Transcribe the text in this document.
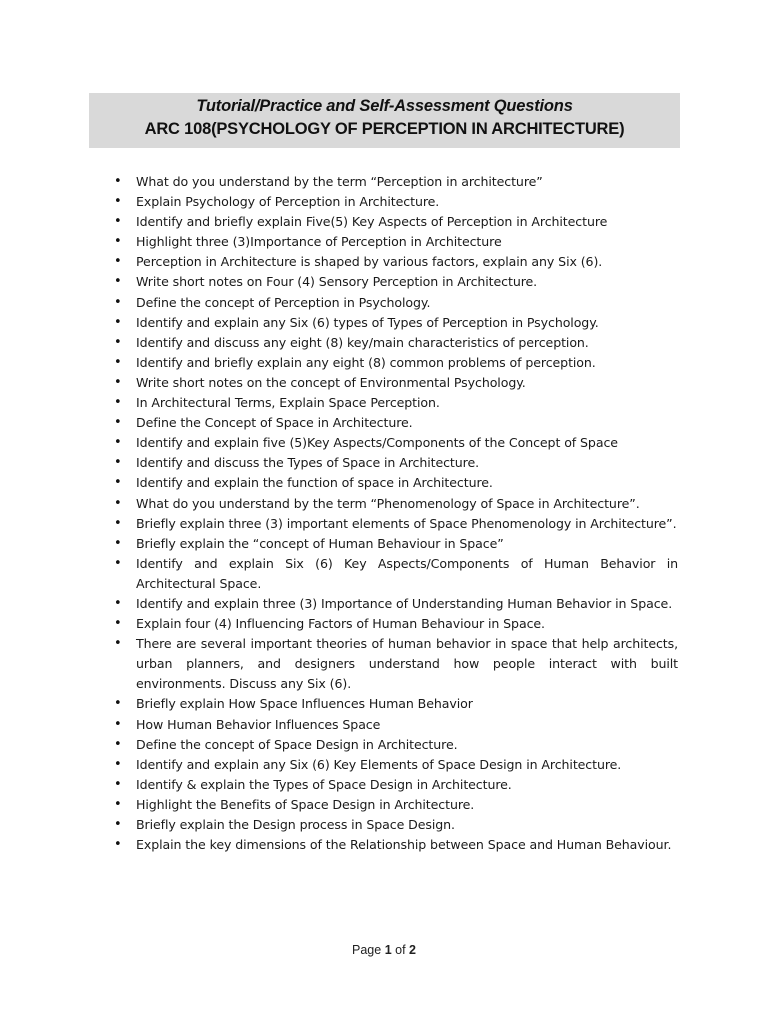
Tutorial/Practice and Self-Assessment Questions
ARC 108(PSYCHOLOGY OF PERCEPTION IN ARCHITECTURE)
• What do you understand by the term “Perception in architecture”
• Explain Psychology of Perception in Architecture.
• Identify and briefly explain Five(5) Key Aspects of Perception in Architecture
• Highlight three (3)Importance of Perception in Architecture
• Perception in Architecture is shaped by various factors, explain any Six (6).
• Write short notes on Four (4) Sensory Perception in Architecture.
• Define the concept of Perception in Psychology.
• Identify and explain any Six (6) types of Types of Perception in Psychology.
• Identify and discuss any eight (8) key/main characteristics of perception.
• Identify and briefly explain any eight (8) common problems of perception.
• Write short notes on the concept of Environmental Psychology.
• In Architectural Terms, Explain Space Perception.
• Define the Concept of Space in Architecture.
• Identify and explain five (5)Key Aspects/Components of the Concept of Space
• Identify and discuss the Types of Space in Architecture.
• Identify and explain the function of space in Architecture.
• What do you understand by the term “Phenomenology of Space in Architecture”.
• Briefly explain three (3) important elements of Space Phenomenology in Architecture”.
• Briefly explain the “concept of Human Behaviour in Space”
• Identify and explain Six (6) Key Aspects/Components of Human Behavior in Architectural Space.
• Identify and explain three (3) Importance of Understanding Human Behavior in Space.
• Explain four (4) Influencing Factors of Human Behaviour in Space.
• There are several important theories of human behavior in space that help architects, urban planners, and designers understand how people interact with built environments. Discuss any Six (6).
• Briefly explain How Space Influences Human Behavior
• How Human Behavior Influences Space
• Define the concept of Space Design in Architecture.
• Identify and explain any Six (6) Key Elements of Space Design in Architecture.
• Identify & explain the Types of Space Design in Architecture.
• Highlight the Benefits of Space Design in Architecture.
• Briefly explain the Design process in Space Design.
• Explain the key dimensions of the Relationship between Space and Human Behaviour.
Page 1 of 2
